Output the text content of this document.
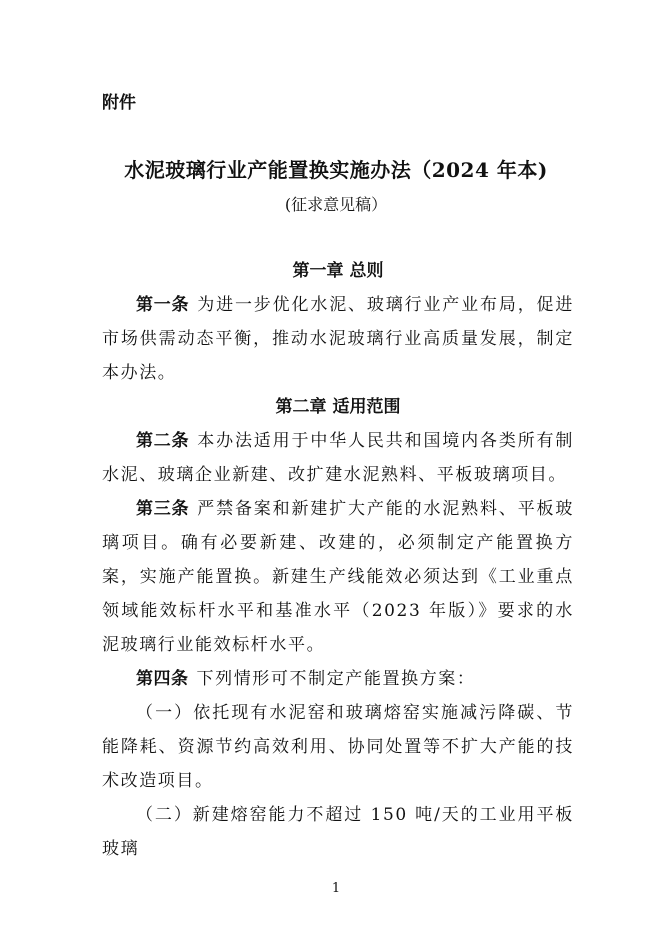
附件
水泥玻璃行业产能置换实施办法（2024 年本)
(征求意见稿）

第一章 总则

第一条 为进一步优化水泥、玻璃行业产业布局，促进市场供需动态平衡，推动水泥玻璃行业高质量发展，制定本办法。

第二章 适用范围

第二条 本办法适用于中华人民共和国境内各类所有制水泥、玻璃企业新建、改扩建水泥熟料、平板玻璃项目。

第三条 严禁备案和新建扩大产能的水泥熟料、平板玻璃项目。确有必要新建、改建的，必须制定产能置换方案，实施产能置换。新建生产线能效必须达到《工业重点领域能效标杆水平和基准水平（2023 年版）》要求的水泥玻璃行业能效标杆水平。

第四条 下列情形可不制定产能置换方案：

（一）依托现有水泥窑和玻璃熔窑实施减污降碳、节能降耗、资源节约高效利用、协同处置等不扩大产能的技术改造项目。

（二）新建熔窑能力不超过 150 吨/天的工业用平板玻璃

1
